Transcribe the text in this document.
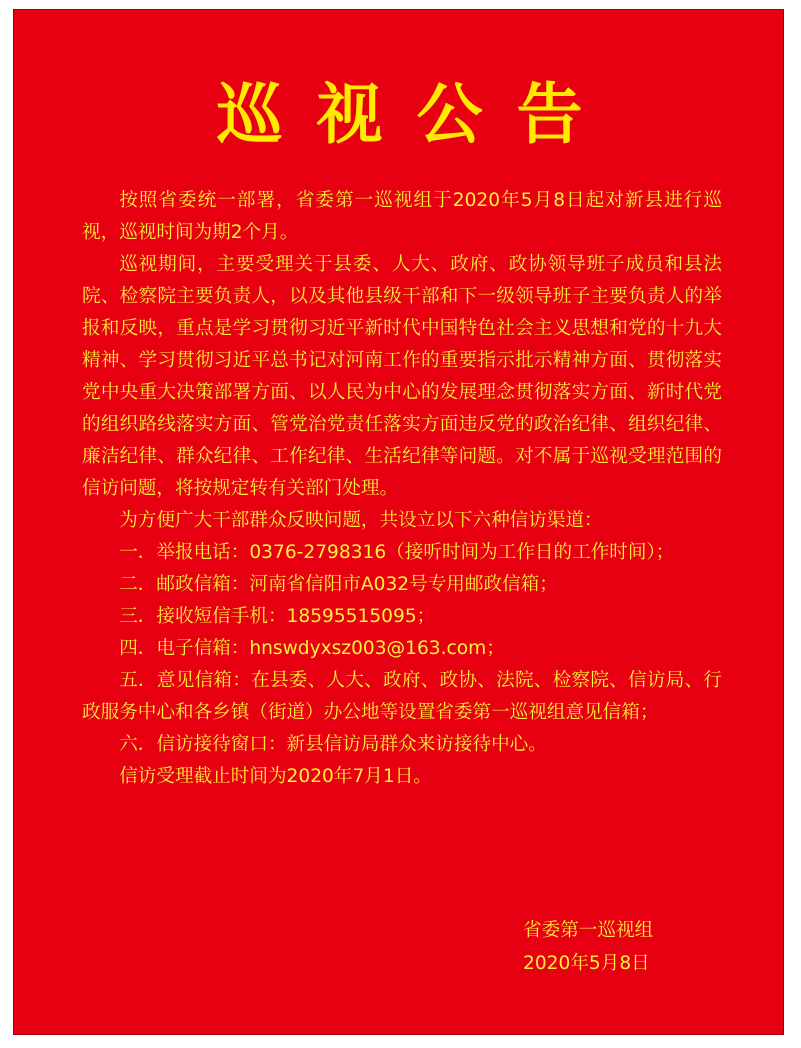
巡视公告

按照省委统一部署，省委第一巡视组于2020年5月8日起对新县进行巡视，巡视时间为期2个月。

巡视期间，主要受理关于县委、人大、政府、政协领导班子成员和县法院、检察院主要负责人，以及其他县级干部和下一级领导班子主要负责人的举报和反映，重点是学习贯彻习近平新时代中国特色社会主义思想和党的十九大精神、学习贯彻习近平总书记对河南工作的重要指示批示精神方面、贯彻落实党中央重大决策部署方面、以人民为中心的发展理念贯彻落实方面、新时代党的组织路线落实方面、管党治党责任落实方面违反党的政治纪律、组织纪律、廉洁纪律、群众纪律、工作纪律、生活纪律等问题。对不属于巡视受理范围的信访问题，将按规定转有关部门处理。

为方便广大干部群众反映问题，共设立以下六种信访渠道：

一．举报电话：0376-2798316（接听时间为工作日的工作时间）；

二．邮政信箱：河南省信阳市A032号专用邮政信箱；

三．接收短信手机：18595515095；

四．电子信箱：hnswdyxsz003@163.com；

五．意见信箱：在县委、人大、政府、政协、法院、检察院、信访局、行政服务中心和各乡镇（街道）办公地等设置省委第一巡视组意见信箱；

六．信访接待窗口：新县信访局群众来访接待中心。

信访受理截止时间为2020年7月1日。

省委第一巡视组
2020年5月8日
